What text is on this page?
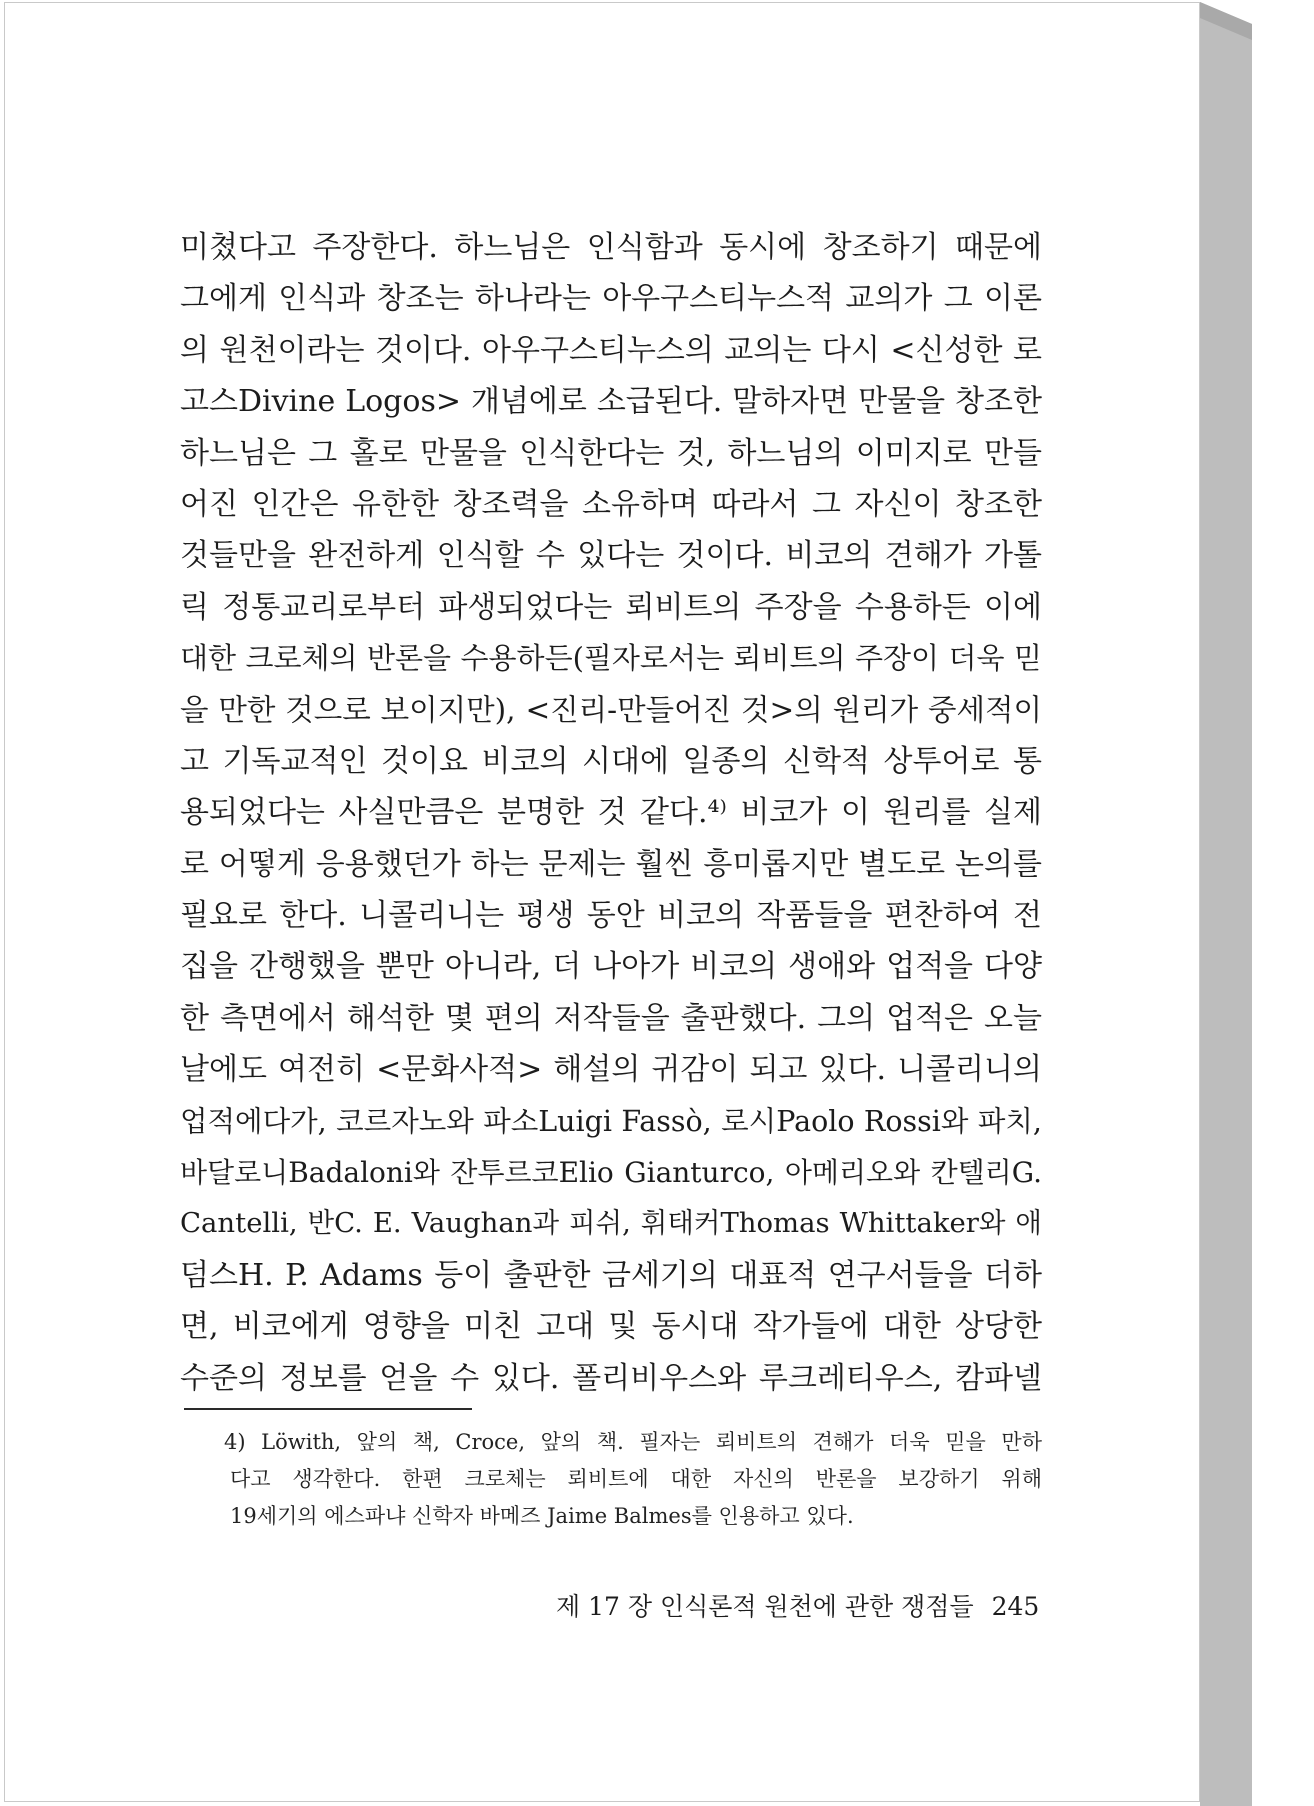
미쳤다고 주장한다. 하느님은 인식함과 동시에 창조하기 때문에
그에게 인식과 창조는 하나라는 아우구스티누스적 교의가 그 이론
의 원천이라는 것이다. 아우구스티누스의 교의는 다시 <신성한 로
고스Divine Logos> 개념에로 소급된다. 말하자면 만물을 창조한
하느님은 그 홀로 만물을 인식한다는 것, 하느님의 이미지로 만들
어진 인간은 유한한 창조력을 소유하며 따라서 그 자신이 창조한
것들만을 완전하게 인식할 수 있다는 것이다. 비코의 견해가 가톨
릭 정통교리로부터 파생되었다는 뢰비트의 주장을 수용하든 이에
대한 크로체의 반론을 수용하든(필자로서는 뢰비트의 주장이 더욱 믿
을 만한 것으로 보이지만), <진리-만들어진 것>의 원리가 중세적이
고 기독교적인 것이요 비코의 시대에 일종의 신학적 상투어로 통
용되었다는 사실만큼은 분명한 것 같다.⁴⁾ 비코가 이 원리를 실제
로 어떻게 응용했던가 하는 문제는 훨씬 흥미롭지만 별도로 논의를
필요로 한다. 니콜리니는 평생 동안 비코의 작품들을 편찬하여 전
집을 간행했을 뿐만 아니라, 더 나아가 비코의 생애와 업적을 다양
한 측면에서 해석한 몇 편의 저작들을 출판했다. 그의 업적은 오늘
날에도 여전히 <문화사적> 해설의 귀감이 되고 있다. 니콜리니의
업적에다가, 코르자노와 파소Luigi Fassò, 로시Paolo Rossi와 파치,
바달로니Badaloni와 잔투르코Elio Gianturco, 아메리오와 칸텔리G.
Cantelli, 반C. E. Vaughan과 피쉬, 휘태커Thomas Whittaker와 애
덤스H. P. Adams 등이 출판한 금세기의 대표적 연구서들을 더하
면, 비코에게 영향을 미친 고대 및 동시대 작가들에 대한 상당한
수준의 정보를 얻을 수 있다. 폴리비우스와 루크레티우스, 캄파넬
4) Löwith, 앞의 책, Croce, 앞의 책. 필자는 뢰비트의 견해가 더욱 믿을 만하
다고 생각한다. 한편 크로체는 뢰비트에 대한 자신의 반론을 보강하기 위해
19세기의 에스파냐 신학자 바메즈 Jaime Balmes를 인용하고 있다.
제 17 장 인식론적 원천에 관한 쟁점들 245
